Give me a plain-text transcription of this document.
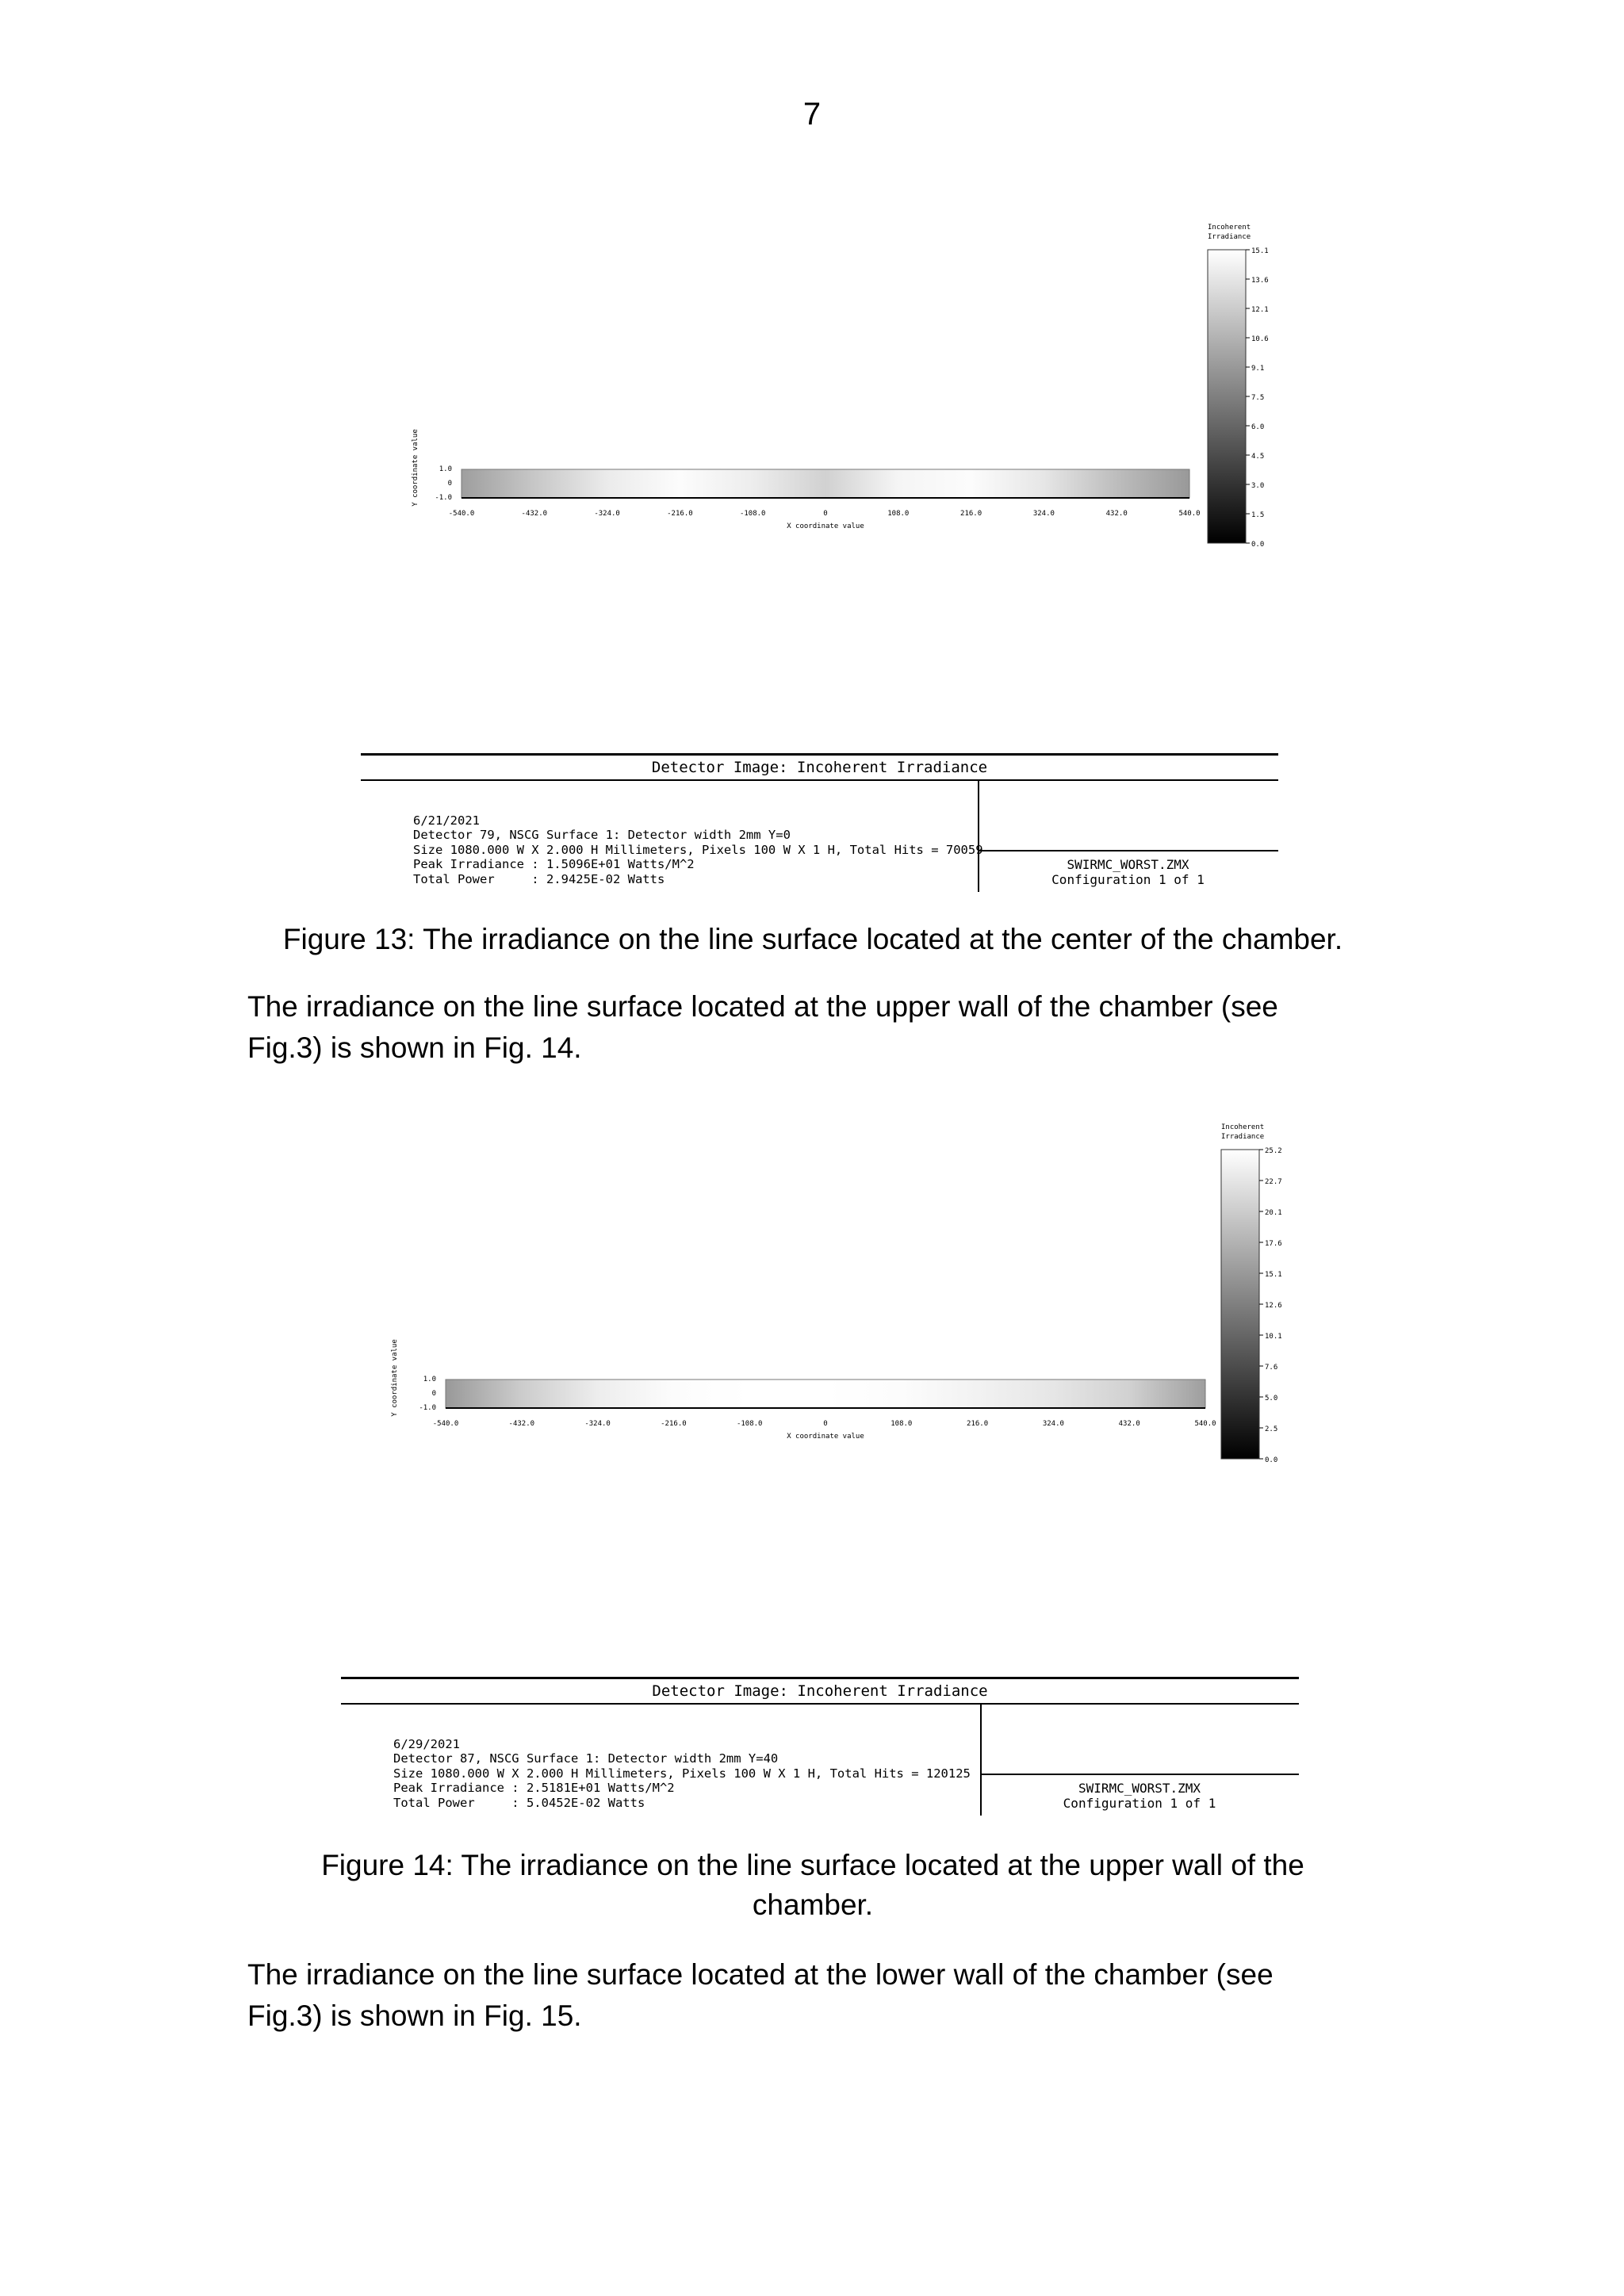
7
1.0
0
-1.0
Y coordinate value
-540.0	-432.0	-324.0	-216.0	-108.0	0	108.0	216.0	324.0	432.0	540.0
X coordinate value
Incoherent
Irradiance
15.1
13.6
12.1
10.6
9.1
7.5
6.0
4.5
3.0
1.5
0.0
Detector Image: Incoherent Irradiance

6/21/2021
Detector 79, NSCG Surface 1: Detector width 2mm Y=0
Size 1080.000 W X 2.000 H Millimeters, Pixels 100 W X 1 H, Total Hits = 70059
Peak Irradiance : 1.5096E+01 Watts/M^2
Total Power     : 2.9425E-02 Watts

SWIRMC_WORST.ZMX
Configuration 1 of 1
Figure 13: The irradiance on the line surface located at the center of the chamber.
The irradiance on the line surface located at the upper wall of the chamber (see
Fig.3) is shown in Fig. 14.
1.0
0
-1.0
Y coordinate value
-540.0	-432.0	-324.0	-216.0	-108.0	0	108.0	216.0	324.0	432.0	540.0
X coordinate value
Incoherent
Irradiance
25.2
22.7
20.1
17.6
15.1
12.6
10.1
7.6
5.0
2.5
0.0
Detector Image: Incoherent Irradiance

6/29/2021
Detector 87, NSCG Surface 1: Detector width 2mm Y=40
Size 1080.000 W X 2.000 H Millimeters, Pixels 100 W X 1 H, Total Hits = 120125
Peak Irradiance : 2.5181E+01 Watts/M^2
Total Power     : 5.0452E-02 Watts

SWIRMC_WORST.ZMX
Configuration 1 of 1
Figure 14: The irradiance on the line surface located at the upper wall of the
chamber.
The irradiance on the line surface located at the lower wall of the chamber (see
Fig.3) is shown in Fig. 15.
